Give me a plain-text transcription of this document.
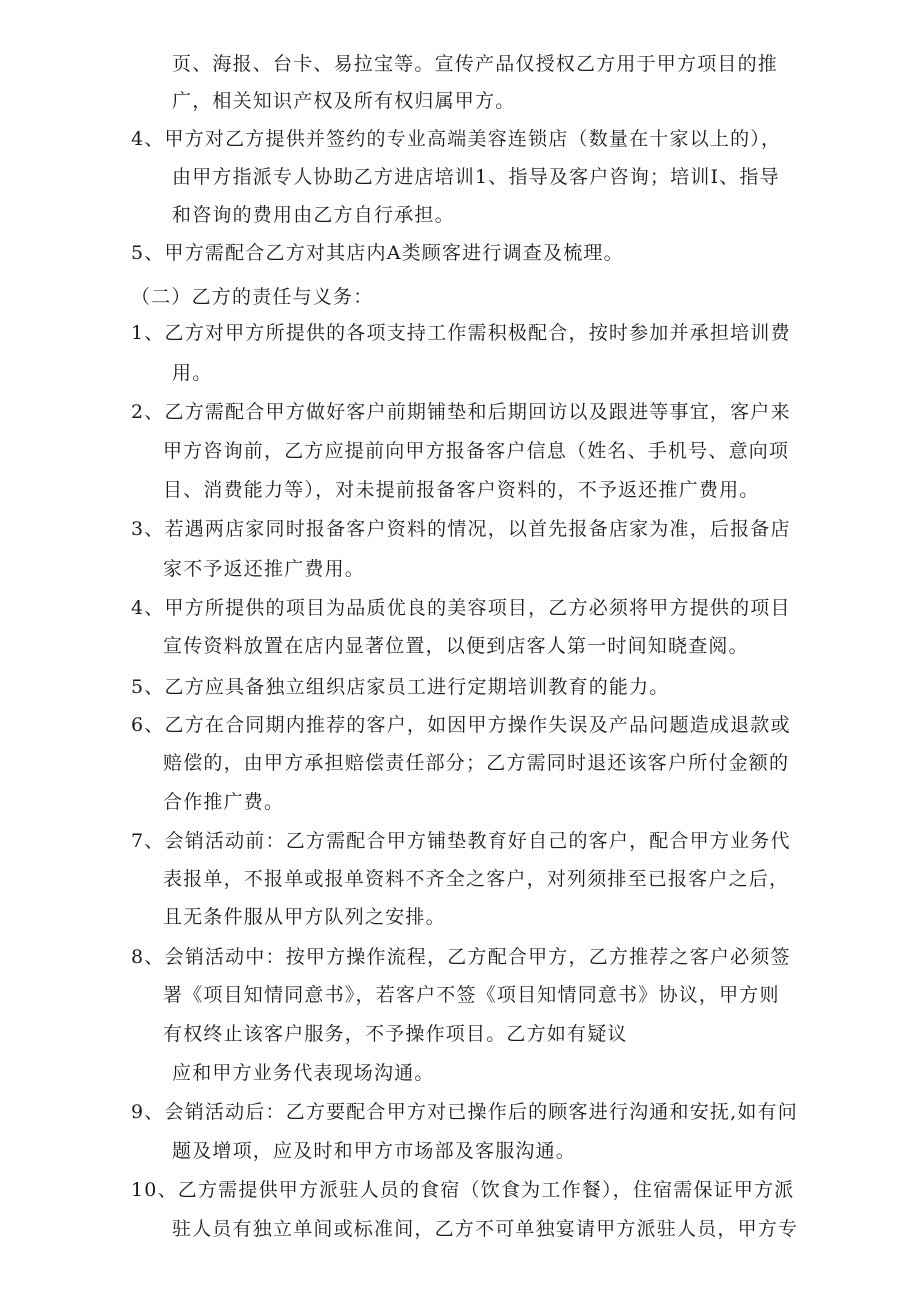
页、海报、台卡、易拉宝等。宣传产品仅授权乙方用于甲方项目的推
广，相关知识产权及所有权归属甲方。
4、甲方对乙方提供并签约的专业高端美容连锁店（数量在十家以上的），
由甲方指派专人协助乙方进店培训1、指导及客户咨询；培训I、指导
和咨询的费用由乙方自行承担。
5、甲方需配合乙方对其店内A类顾客进行调查及梳理。
（二）乙方的责任与义务：
1、乙方对甲方所提供的各项支持工作需积极配合，按时参加并承担培训费
用。
2、乙方需配合甲方做好客户前期铺垫和后期回访以及跟进等事宜，客户来
甲方咨询前，乙方应提前向甲方报备客户信息（姓名、手机号、意向项
目、消费能力等），对未提前报备客户资料的，不予返还推广费用。
3、若遇两店家同时报备客户资料的情况，以首先报备店家为准，后报备店
家不予返还推广费用。
4、甲方所提供的项目为品质优良的美容项目，乙方必须将甲方提供的项目
宣传资料放置在店内显著位置，以便到店客人第一时间知晓查阅。
5、乙方应具备独立组织店家员工进行定期培训教育的能力。
6、乙方在合同期内推荐的客户，如因甲方操作失误及产品问题造成退款或
赔偿的，由甲方承担赔偿责任部分；乙方需同时退还该客户所付金额的
合作推广费。
7、会销活动前：乙方需配合甲方铺垫教育好自己的客户，配合甲方业务代
表报单，不报单或报单资料不齐全之客户，对列须排至已报客户之后，
且无条件服从甲方队列之安排。
8、会销活动中：按甲方操作流程，乙方配合甲方，乙方推荐之客户必须签
署《项目知情同意书》，若客户不签《项目知情同意书》协议，甲方则
有权终止该客户服务，不予操作项目。乙方如有疑议
应和甲方业务代表现场沟通。
9、会销活动后：乙方要配合甲方对已操作后的顾客进行沟通和安抚,如有问
题及增项，应及时和甲方市场部及客服沟通。
10、乙方需提供甲方派驻人员的食宿（饮食为工作餐），住宿需保证甲方派
驻人员有独立单间或标准间，乙方不可单独宴请甲方派驻人员，甲方专
